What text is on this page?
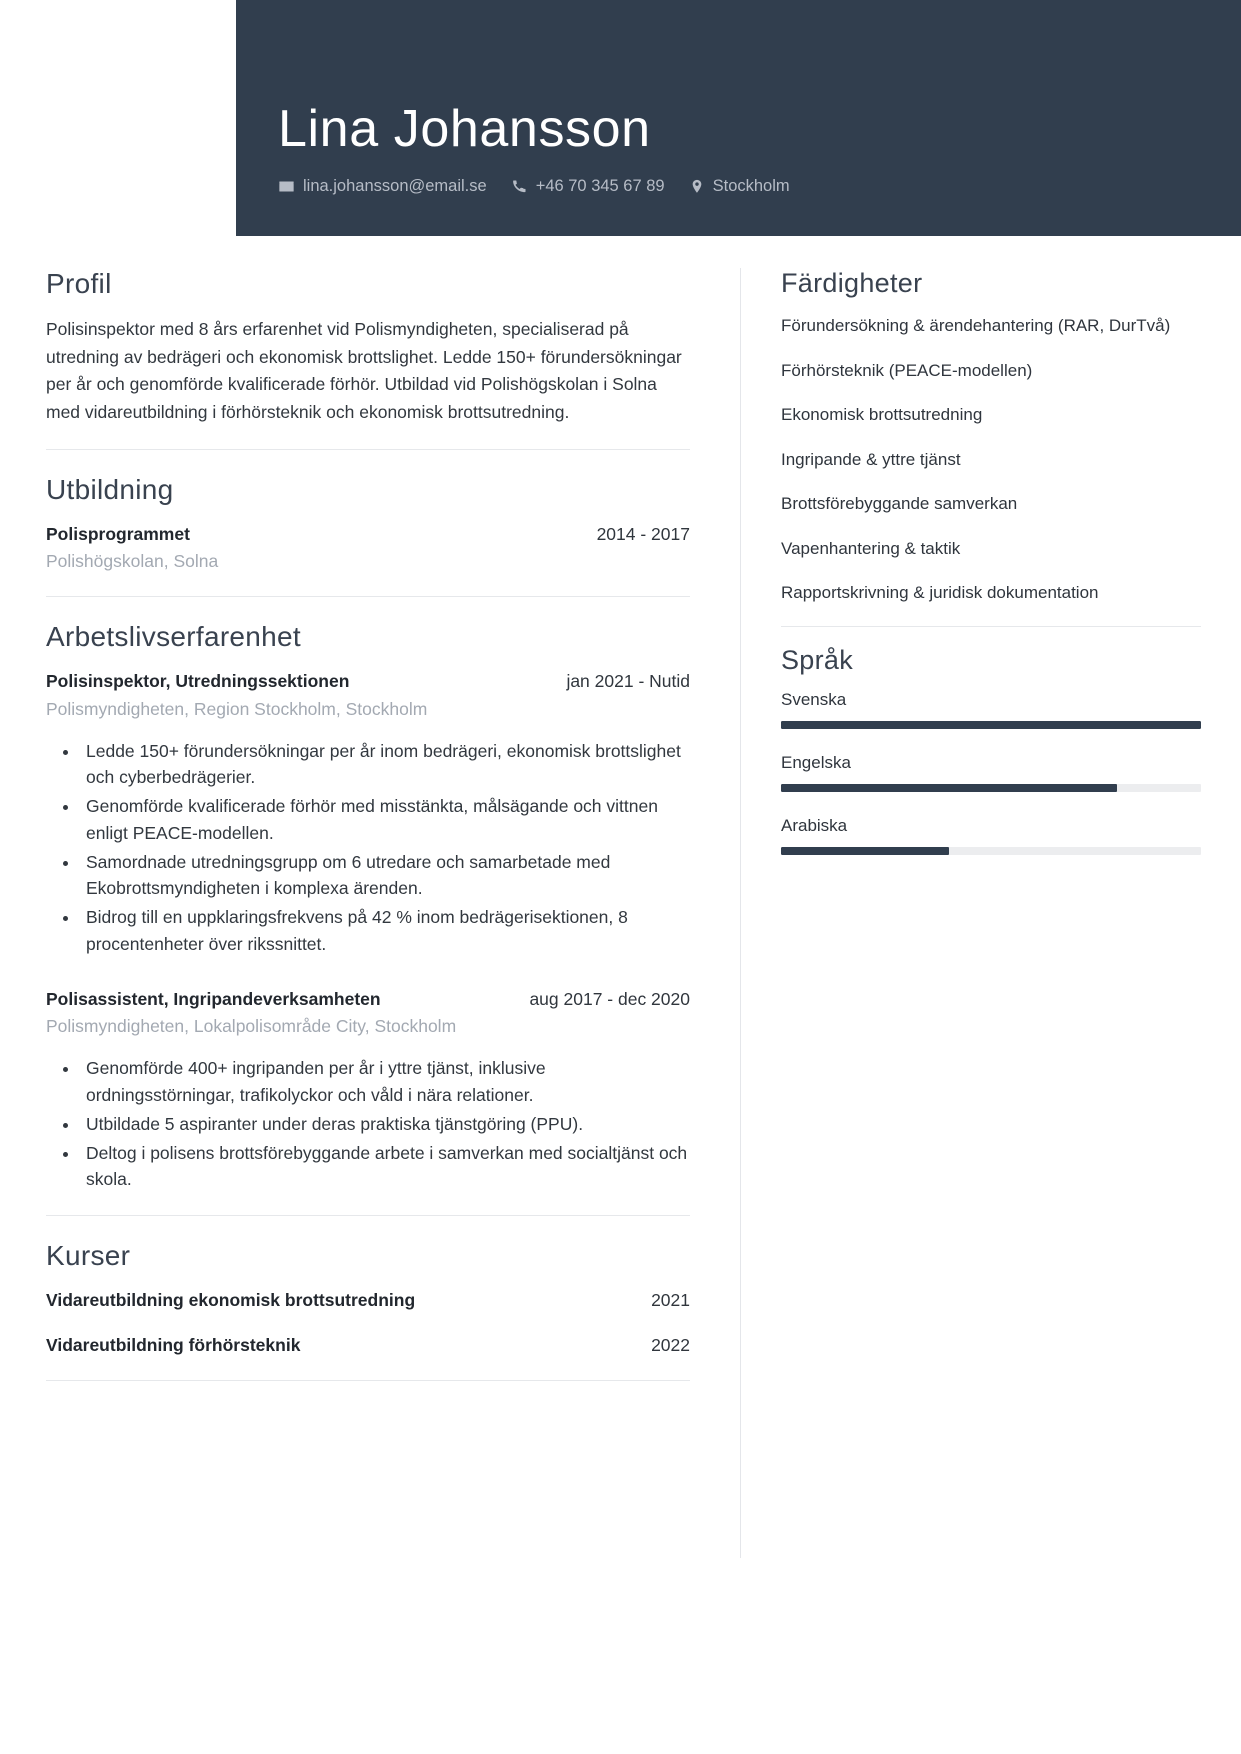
Lina Johansson
lina.johansson@email.se	+46 70 345 67 89	Stockholm
Profil

Polisinspektor med 8 års erfarenhet vid Polismyndigheten, specialiserad på utredning av bedrägeri och ekonomisk brottslighet. Ledde 150+ förundersökningar per år och genomförde kvalificerade förhör. Utbildad vid Polishögskolan i Solna med vidareutbildning i förhörsteknik och ekonomisk brottsutredning.

Utbildning
Polisprogrammet	2014 - 2017
Polishögskolan, Solna
Arbetslivserfarenhet
Polisinspektor, Utredningssektionen	jan 2021 - Nutid
Polismyndigheten, Region Stockholm, Stockholm
• Ledde 150+ förundersökningar per år inom bedrägeri, ekonomisk brottslighet och cyberbedrägerier.
• Genomförde kvalificerade förhör med misstänkta, målsägande och vittnen enligt PEACE-modellen.
• Samordnade utredningsgrupp om 6 utredare och samarbetade med Ekobrottsmyndigheten i komplexa ärenden.
• Bidrog till en uppklaringsfrekvens på 42 % inom bedrägerisektionen, 8 procentenheter över rikssnittet.
Polisassistent, Ingripandeverksamheten	aug 2017 - dec 2020
Polismyndigheten, Lokalpolisområde City, Stockholm
• Genomförde 400+ ingripanden per år i yttre tjänst, inklusive ordningsstörningar, trafikolyckor och våld i nära relationer.
• Utbildade 5 aspiranter under deras praktiska tjänstgöring (PPU).
• Deltog i polisens brottsförebyggande arbete i samverkan med socialtjänst och skola.
Kurser
Vidareutbildning ekonomisk brottsutredning	2021
Vidareutbildning förhörsteknik	2022
Färdigheter
Förundersökning & ärendehantering (RAR, DurTvå)
Förhörsteknik (PEACE-modellen)
Ekonomisk brottsutredning
Ingripande & yttre tjänst
Brottsförebyggande samverkan
Vapenhantering & taktik
Rapportskrivning & juridisk dokumentation
Språk
Svenska
Engelska
Arabiska
